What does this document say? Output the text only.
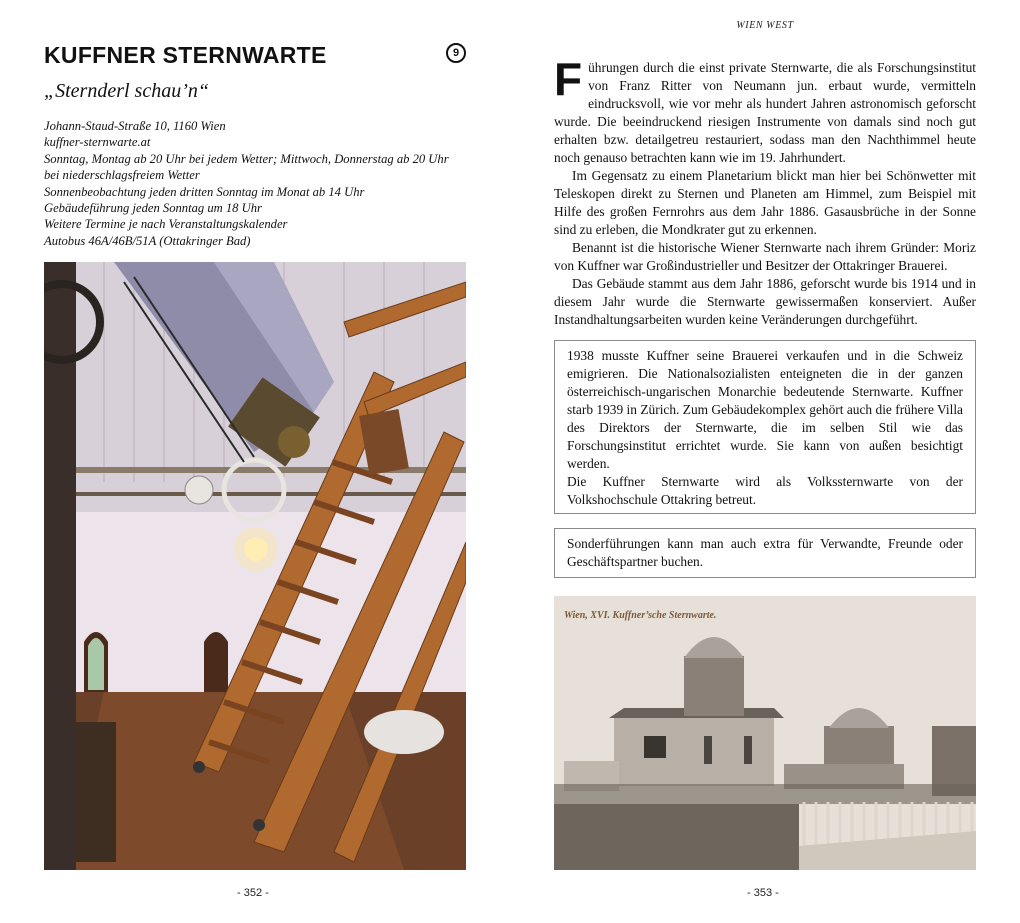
KUFFNER STERNWARTE	9
„Sternderl schau’n“
Johann-Staud-Straße 10, 1160 Wien
kuffner-sternwarte.at
Sonntag, Montag ab 20 Uhr bei jedem Wetter; Mittwoch, Donnerstag ab 20 Uhr
bei niederschlagsfreiem Wetter
Sonnenbeobachtung jeden dritten Sonntag im Monat ab 14 Uhr
Gebäudeführung jeden Sonntag um 18 Uhr
Weitere Termine je nach Veranstaltungskalender
Autobus 46A/46B/51A (Ottakringer Bad)
- 352 -
WIEN WEST

Führungen durch die einst private Sternwarte, die als Forschungsinstitut von Franz Ritter von Neumann jun. erbaut wurde, vermitteln eindrucksvoll, wie vor mehr als hundert Jahren astronomisch geforscht wurde. Die beeindruckend riesigen Instrumente von damals sind noch gut erhalten bzw. detailgetreu restauriert, sodass man den Nachthimmel heute noch genauso betrachten kann wie im 19. Jahrhundert.

Im Gegensatz zu einem Planetarium blickt man hier bei Schönwetter mit Teleskopen direkt zu Sternen und Planeten am Himmel, zum Beispiel mit Hilfe des großen Fernrohrs aus dem Jahr 1886. Gasausbrüche in der Sonne sind zu erleben, die Mondkrater gut zu erkennen.

Benannt ist die historische Wiener Sternwarte nach ihrem Gründer: Moriz von Kuffner war Großindustrieller und Besitzer der Ottakringer Brauerei.

Das Gebäude stammt aus dem Jahr 1886, geforscht wurde bis 1914 und in diesem Jahr wurde die Sternwarte gewissermaßen konserviert. Außer Instandhaltungsarbeiten wurden keine Veränderungen durchgeführt.

1938 musste Kuffner seine Brauerei verkaufen und in die Schweiz emigrieren. Die Nationalsozialisten enteigneten die in der ganzen österreichisch-ungarischen Monarchie bedeutende Sternwarte. Kuffner starb 1939 in Zürich. Zum Gebäudekomplex gehört auch die frühere Villa des Direktors der Sternwarte, die im selben Stil wie das Forschungsinstitut errichtet wurde. Sie kann von außen besichtigt werden.

Die Kuffner Sternwarte wird als Volkssternwarte von der Volkshochschule Ottakring betreut.

Sonderführungen kann man auch extra für Verwandte, Freunde oder Geschäftspartner buchen.

Wien, XVI. Kuffner’sche Sternwarte.
- 353 -
